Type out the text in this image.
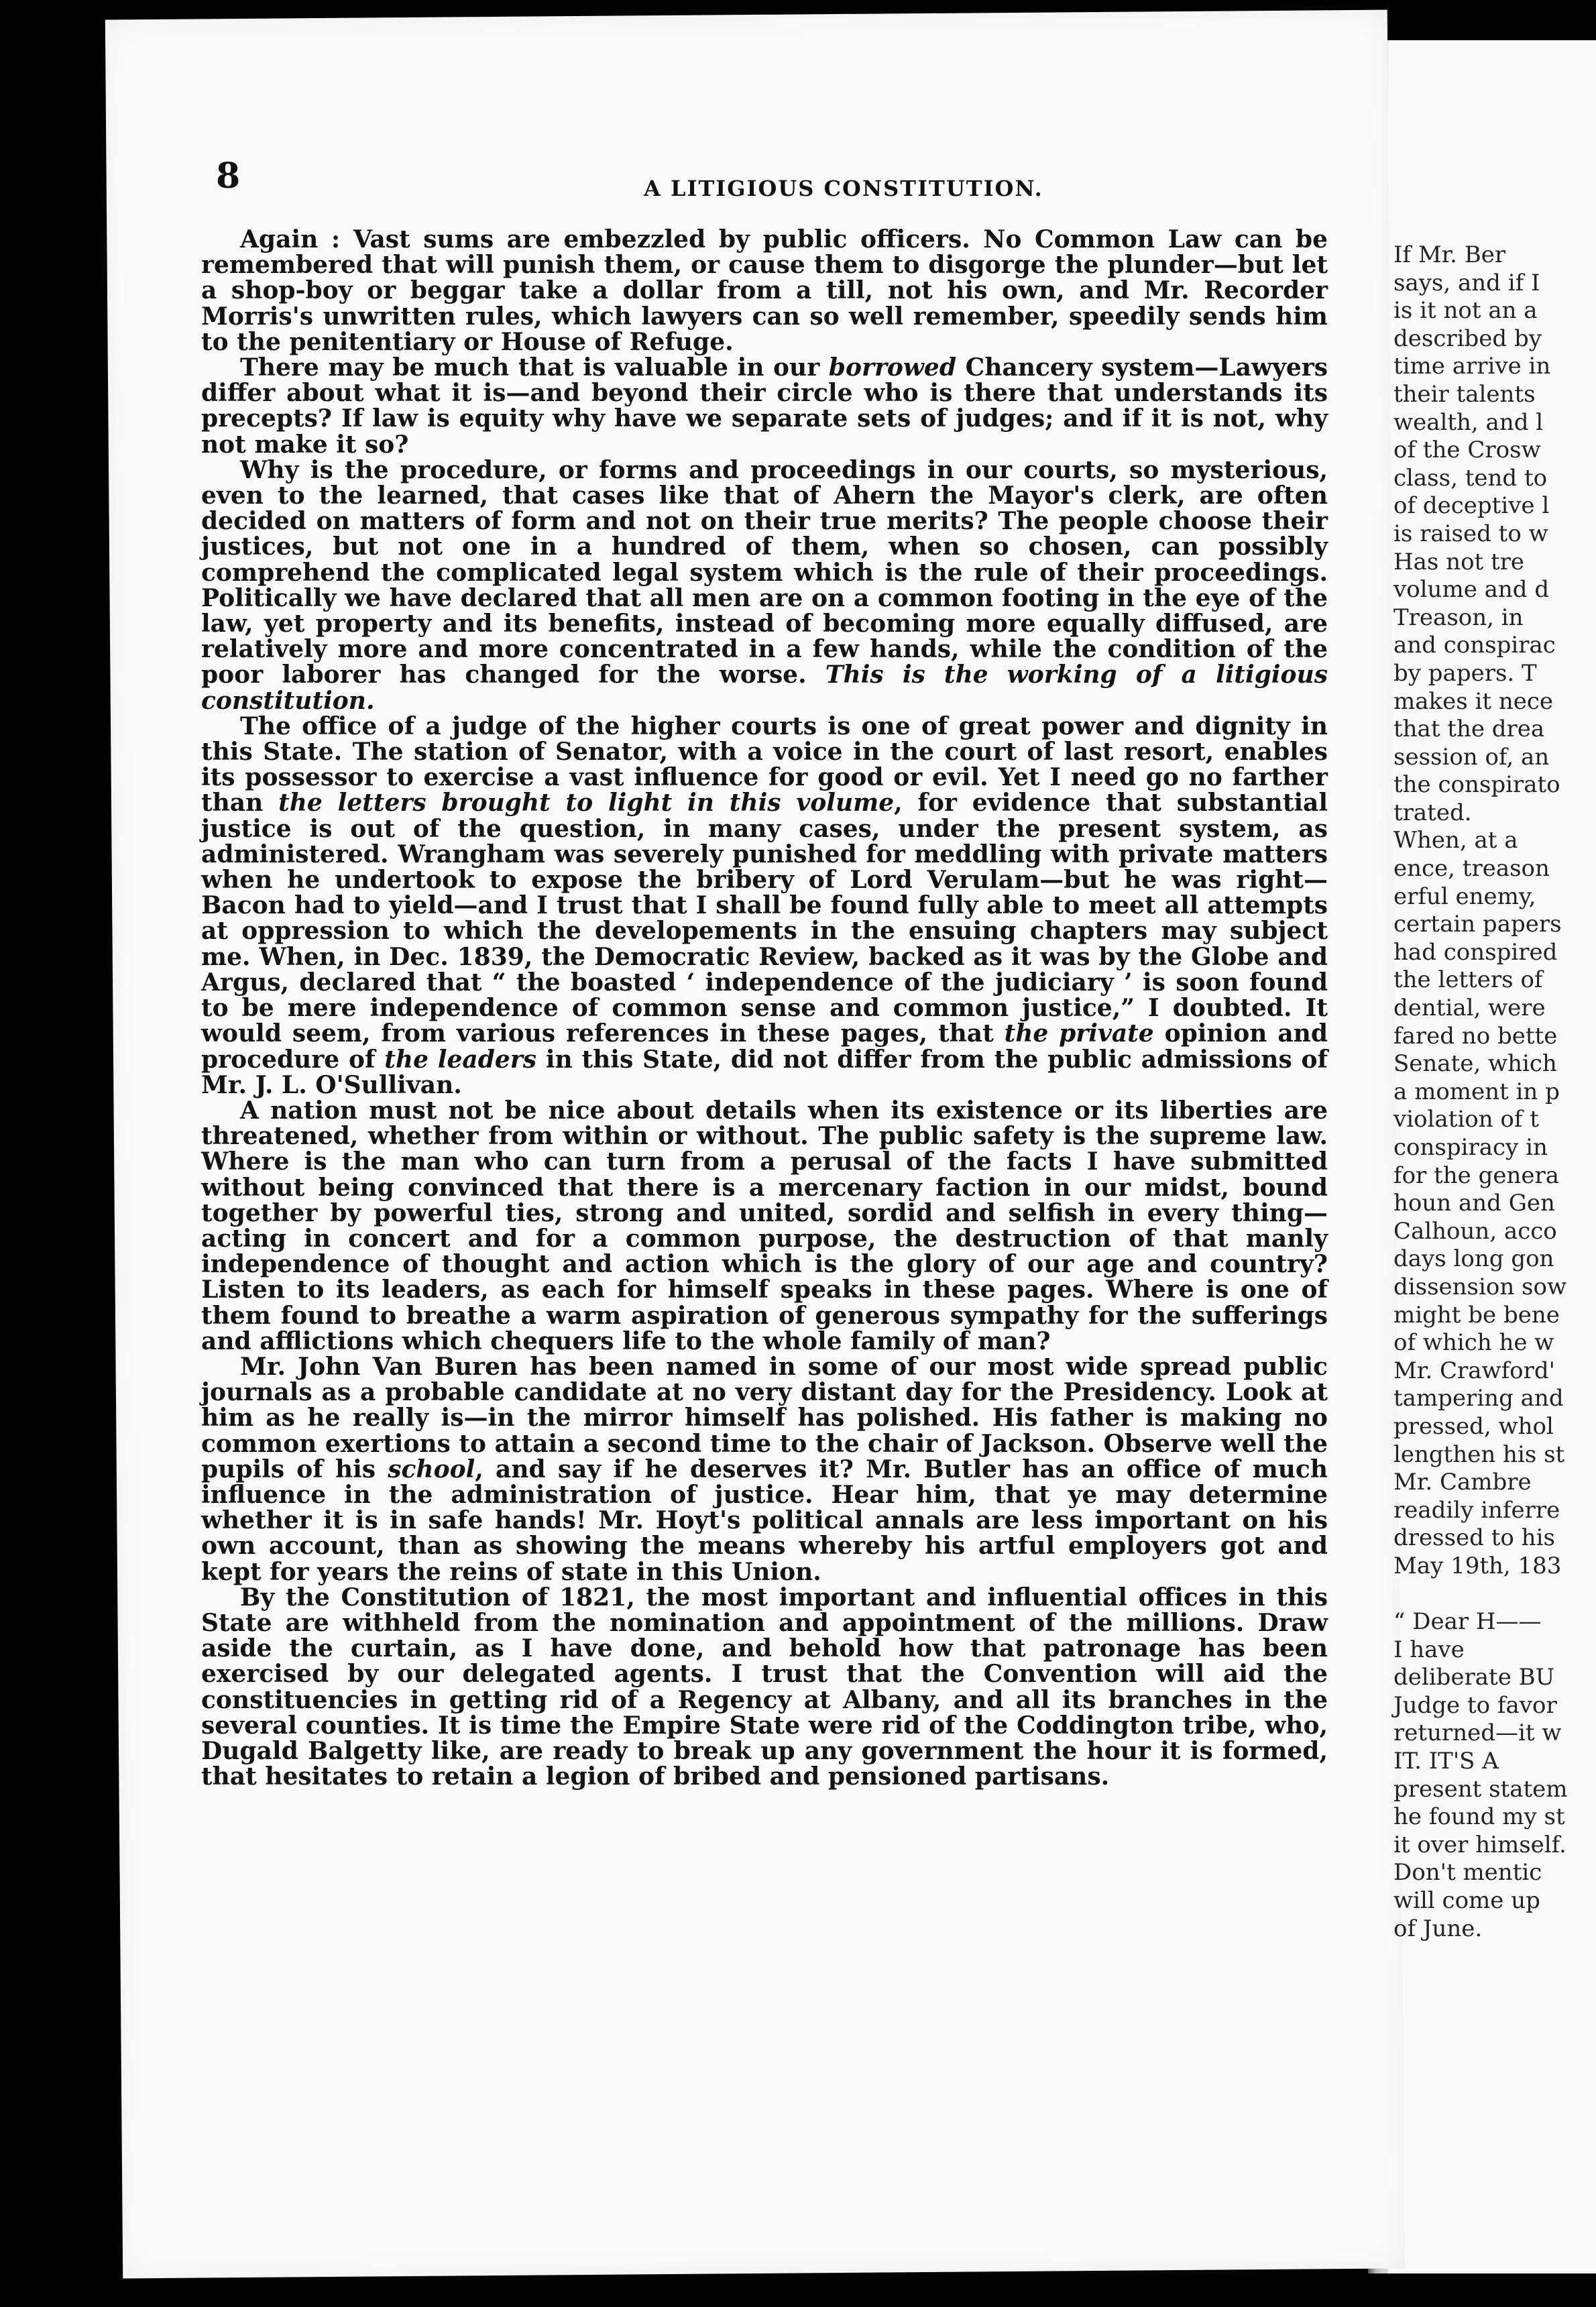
8	A LITIGIOUS CONSTITUTION.

Again : Vast sums are embezzled by public officers. No Common Law can be remembered that will punish them, or cause them to disgorge the plunder—but let a shop-boy or beggar take a dollar from a till, not his own, and Mr. Recorder Morris's unwritten rules, which lawyers can so well remember, speedily sends him to the penitentiary or House of Refuge.

There may be much that is valuable in our borrowed Chancery system—Lawyers differ about what it is—and beyond their circle who is there that understands its precepts? If law is equity why have we separate sets of judges; and if it is not, why not make it so?

Why is the procedure, or forms and proceedings in our courts, so mysterious, even to the learned, that cases like that of Ahern the Mayor's clerk, are often decided on matters of form and not on their true merits? The people choose their justices, but not one in a hundred of them, when so chosen, can possibly comprehend the complicated legal system which is the rule of their proceedings. Politically we have declared that all men are on a common footing in the eye of the law, yet property and its benefits, instead of becoming more equally diffused, are relatively more and more concentrated in a few hands, while the condition of the poor laborer has changed for the worse. This is the working of a litigious constitution.

The office of a judge of the higher courts is one of great power and dignity in this State. The station of Senator, with a voice in the court of last resort, enables its possessor to exercise a vast influence for good or evil. Yet I need go no farther than the letters brought to light in this volume, for evidence that substantial justice is out of the question, in many cases, under the present system, as administered. Wrangham was severely punished for meddling with private matters when he undertook to expose the bribery of Lord Verulam—but he was right—Bacon had to yield—and I trust that I shall be found fully able to meet all attempts at oppression to which the developements in the ensuing chapters may subject me. When, in Dec. 1839, the Democratic Review, backed as it was by the Globe and Argus, declared that “ the boasted ‘ independence of the judiciary ’ is soon found to be mere independence of common sense and common justice,” I doubted. It would seem, from various references in these pages, that the private opinion and procedure of the leaders in this State, did not differ from the public admissions of Mr. J. L. O'Sullivan.

A nation must not be nice about details when its existence or its liberties are threatened, whether from within or without. The public safety is the supreme law. Where is the man who can turn from a perusal of the facts I have submitted without being convinced that there is a mercenary faction in our midst, bound together by powerful ties, strong and united, sordid and selfish in every thing—acting in concert and for a common purpose, the destruction of that manly independence of thought and action which is the glory of our age and country? Listen to its leaders, as each for himself speaks in these pages. Where is one of them found to breathe a warm aspiration of generous sympathy for the sufferings and afflictions which chequers life to the whole family of man?

Mr. John Van Buren has been named in some of our most wide spread public journals as a probable candidate at no very distant day for the Presidency. Look at him as he really is—in the mirror himself has polished. His father is making no common exertions to attain a second time to the chair of Jackson. Observe well the pupils of his school, and say if he deserves it? Mr. Butler has an office of much influence in the administration of justice. Hear him, that ye may determine whether it is in safe hands! Mr. Hoyt's political annals are less important on his own account, than as showing the means whereby his artful employers got and kept for years the reins of state in this Union.

By the Constitution of 1821, the most important and influential offices in this State are withheld from the nomination and appointment of the millions. Draw aside the curtain, as I have done, and behold how that patronage has been exercised by our delegated agents. I trust that the Convention will aid the constituencies in getting rid of a Regency at Albany, and all its branches in the several counties. It is time the Empire State were rid of the Coddington tribe, who, Dugald Balgetty like, are ready to break up any government the hour it is formed, that hesitates to retain a legion of bribed and pensioned partisans.

If Mr. Ber
says, and if I
is it not an a
described by
time arrive in
their talents
wealth, and l
of the Crosw
class, tend to
of deceptive l
is raised to w
Has not tre
volume and d
Treason, in
and conspirac
by papers. T
makes it nece
that the drea
session of, an
the conspirato
trated.
When, at a
ence, treason
erful enemy,
certain papers
had conspired
the letters of
dential, were
fared no bette
Senate, which
a moment in p
violation of t
conspiracy in
for the genera
houn and Gen
Calhoun, acco
days long gon
dissension sow
might be bene
of which he w
Mr. Crawford'
tampering and
pressed, whol
lengthen his st
Mr. Cambre
readily inferre
dressed to his
May 19th, 183
“ Dear H——
I have
deliberate BU
Judge to favor
returned—it w
IT. IT'S A
present statem
he found my st
it over himself.
Don't mentic
will come up
of June.
